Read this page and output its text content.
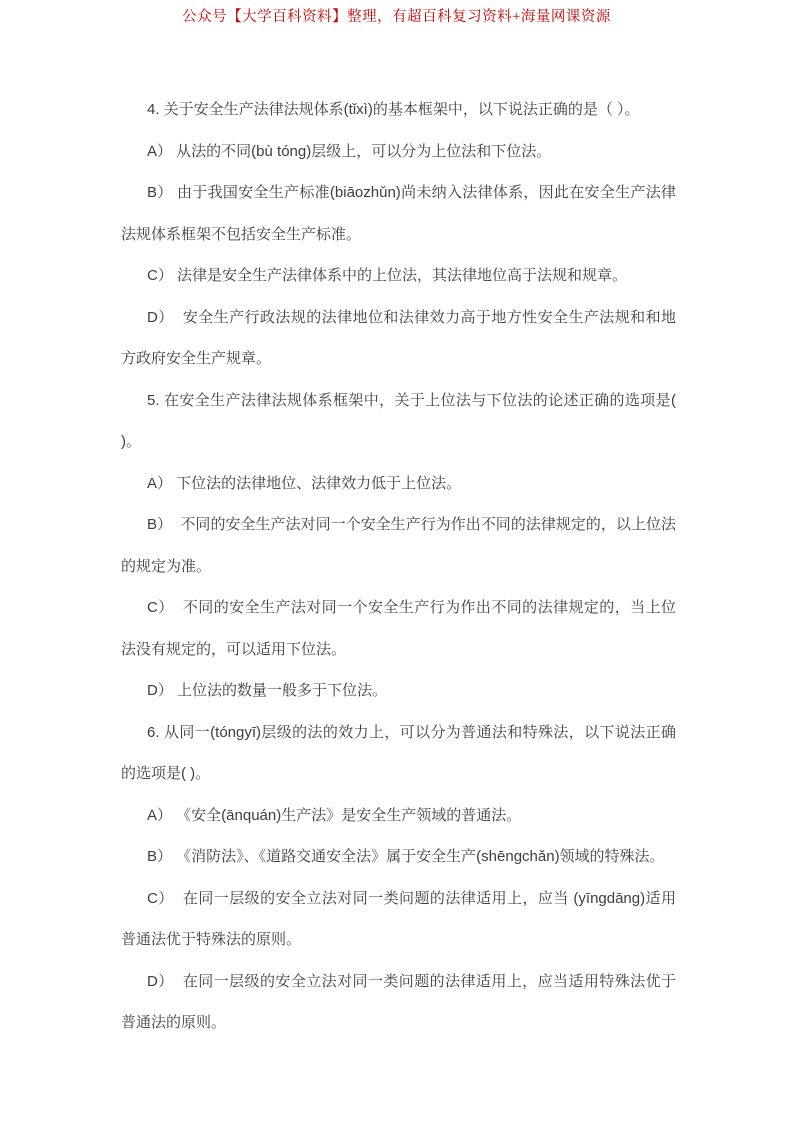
公众号【大学百科资料】整理，有超百科复习资料+海量网课资源

4. 关于安全生产法律法规体系(tǐxì)的基本框架中，以下说法正确的是（ ）。

A） 从法的不同(bù tóng)层级上，可以分为上位法和下位法。

B） 由于我国安全生产标准(biāozhǔn)尚未纳入法律体系，因此在安全生产法律法规体系框架不包括安全生产标准。

C） 法律是安全生产法律体系中的上位法，其法律地位高于法规和规章。

D）  安全生产行政法规的法律地位和法律效力高于地方性安全生产法规和和地方政府安全生产规章。

5. 在安全生产法律法规体系框架中，关于上位法与下位法的论述正确的选项是( )。

A） 下位法的法律地位、法律效力低于上位法。

B）  不同的安全生产法对同一个安全生产行为作出不同的法律规定的，以上位法的规定为准。

C）  不同的安全生产法对同一个安全生产行为作出不同的法律规定的，当上位法没有规定的，可以适用下位法。

D） 上位法的数量一般多于下位法。

6. 从同一(tóngyī)层级的法的效力上，可以分为普通法和特殊法，以下说法正确的选项是( )。

A） 《安全(ānquán)生产法》是安全生产领域的普通法。

B） 《消防法》、《道路交通安全法》属于安全生产(shēngchǎn)领域的特殊法。

C）  在同一层级的安全立法对同一类问题的法律适用上，应当 (yīngdāng)适用普通法优于特殊法的原则。

D）  在同一层级的安全立法对同一类问题的法律适用上，应当适用特殊法优于普通法的原则。
